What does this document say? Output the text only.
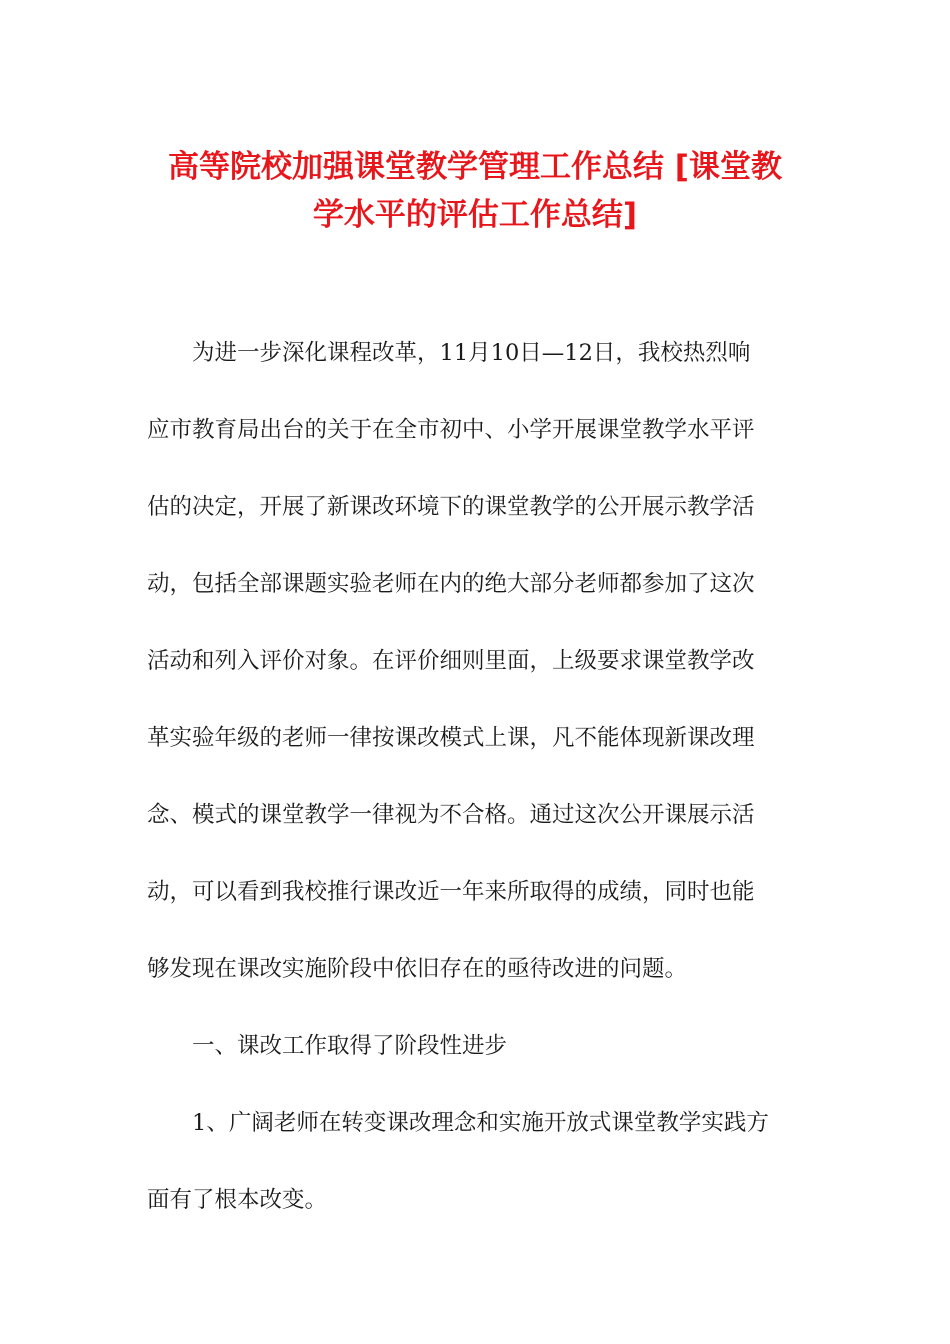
高等院校加强课堂教学管理工作总结 [课堂教
学水平的评估工作总结]
为进一步深化课程改革，11月10日—12日，我校热烈响
应市教育局出台的关于在全市初中、小学开展课堂教学水平评
估的决定，开展了新课改环境下的课堂教学的公开展示教学活
动，包括全部课题实验老师在内的绝大部分老师都参加了这次
活动和列入评价对象。在评价细则里面，上级要求课堂教学改
革实验年级的老师一律按课改模式上课，凡不能体现新课改理
念、模式的课堂教学一律视为不合格。通过这次公开课展示活
动，可以看到我校推行课改近一年来所取得的成绩，同时也能
够发现在课改实施阶段中依旧存在的亟待改进的问题。
一、课改工作取得了阶段性进步
1、广阔老师在转变课改理念和实施开放式课堂教学实践方
面有了根本改变。
